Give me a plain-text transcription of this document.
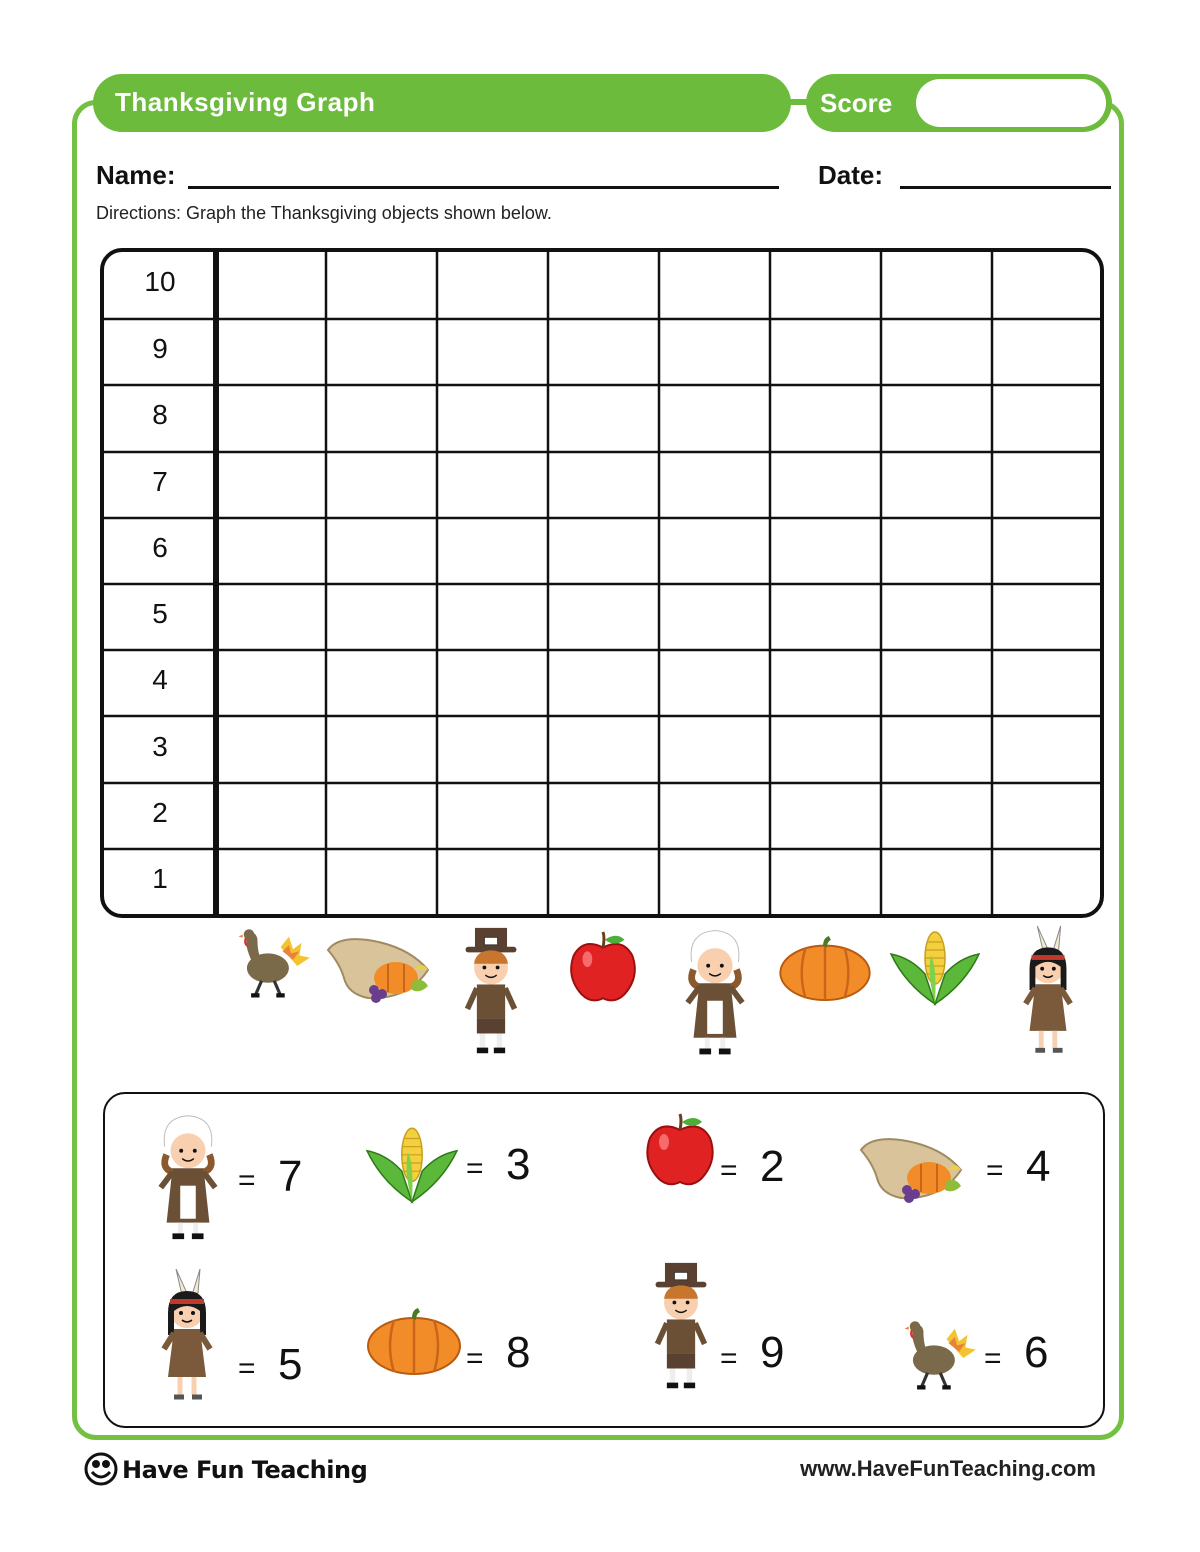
Thanksgiving Graph	Score
Name:	Date:
Directions: Graph the Thanksgiving objects shown below.
10
9
8
7
6
5
4
3
2
1
= 7	= 3	= 2	= 4
= 5	= 8	= 9	= 6
Have Fun Teaching	www.HaveFunTeaching.com
